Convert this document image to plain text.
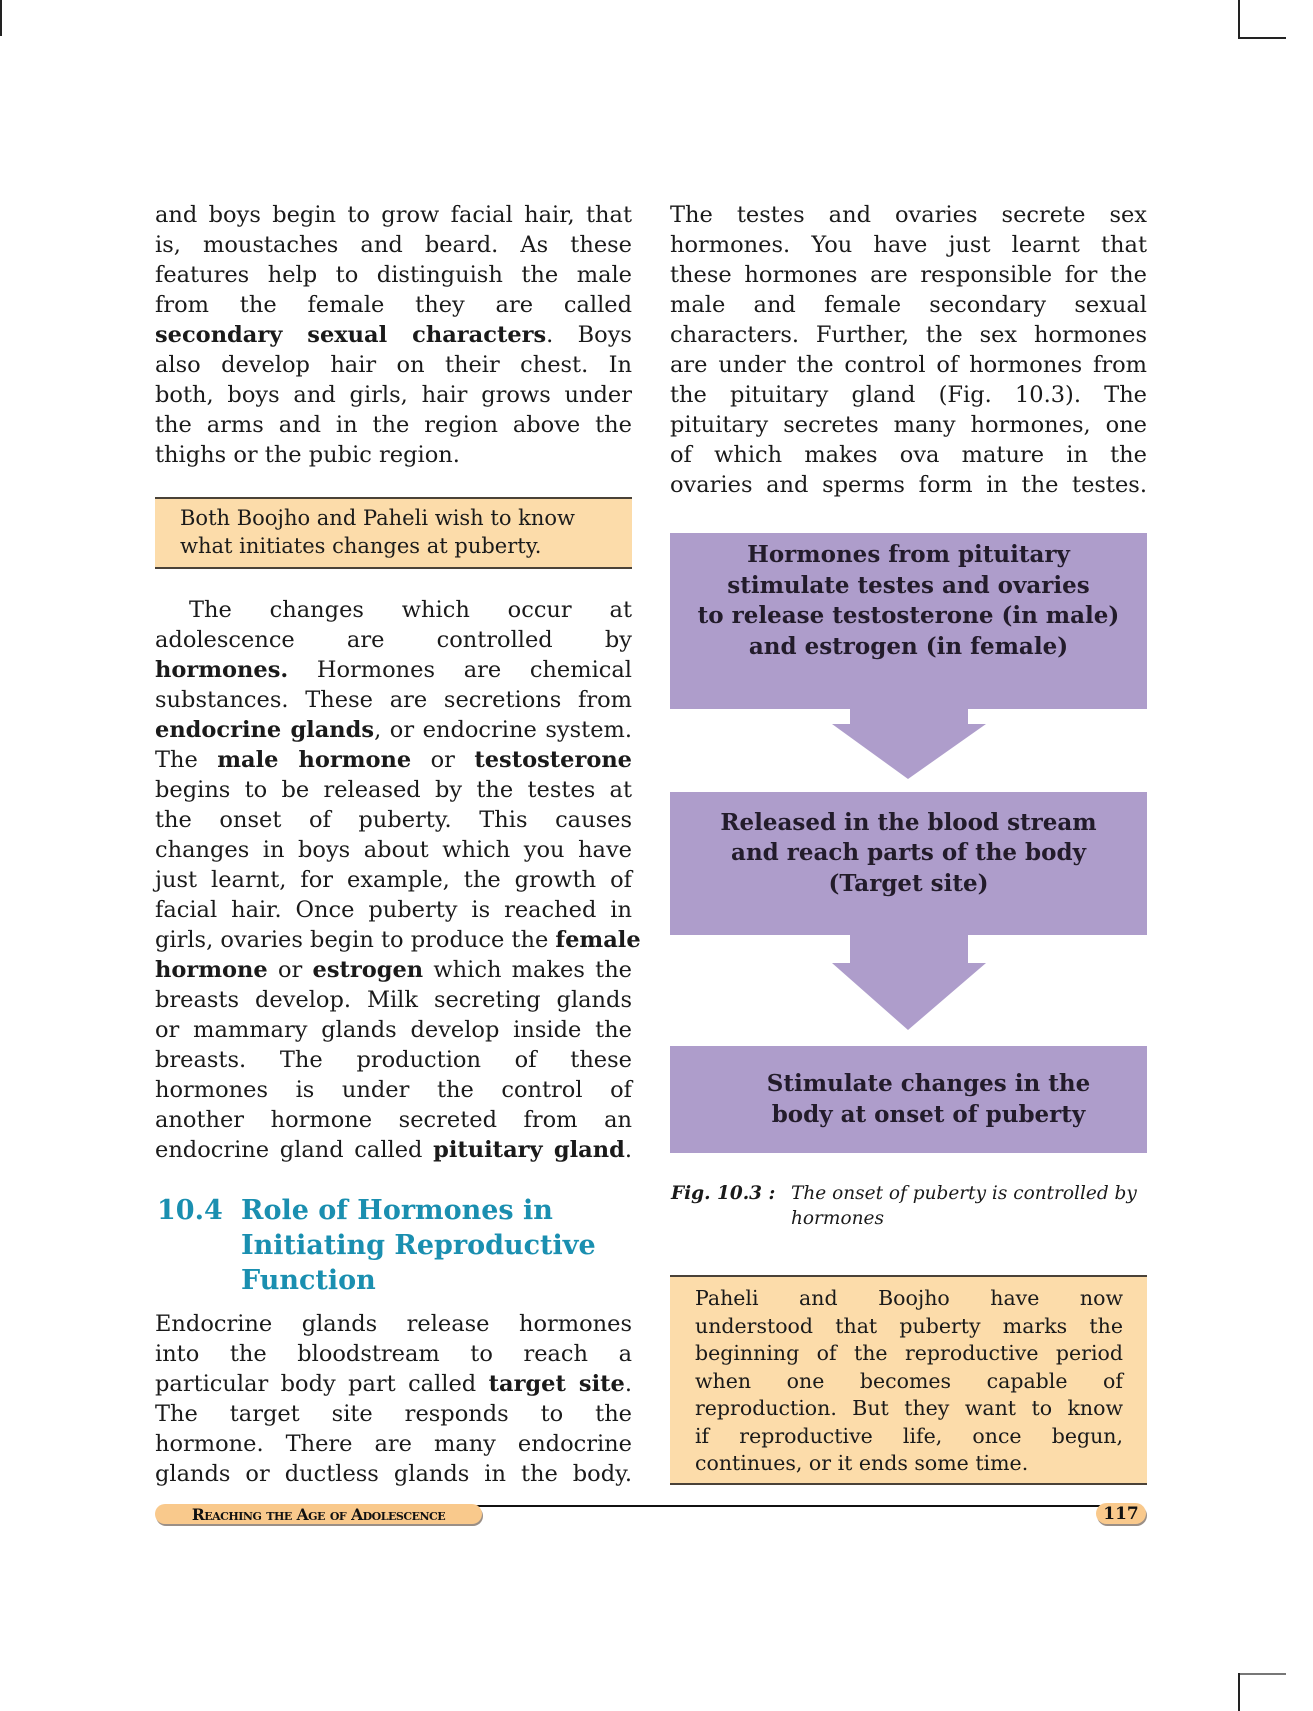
and boys begin to grow facial hair, that
is, moustaches and beard. As these
features help to distinguish the male
from the female they are called
secondary sexual characters. Boys
also develop hair on their chest. In
both, boys and girls, hair grows under
the arms and in the region above the
thighs or the pubic region.
Both Boojho and Paheli wish to know
what initiates changes at puberty.
The changes which occur at
adolescence are controlled by
hormones. Hormones are chemical
substances. These are secretions from
endocrine glands, or endocrine system.
The male hormone or testosterone
begins to be released by the testes at
the onset of puberty. This causes
changes in boys about which you have
just learnt, for example, the growth of
facial hair. Once puberty is reached in
girls, ovaries begin to produce the female
hormone or estrogen which makes the
breasts develop. Milk secreting glands
or mammary glands develop inside the
breasts. The production of these
hormones is under the control of
another hormone secreted from an
endocrine gland called pituitary gland.
10.4 Role of Hormones in
Initiating Reproductive
Function
Endocrine glands release hormones
into the bloodstream to reach a
particular body part called target site.
The target site responds to the
hormone. There are many endocrine
glands or ductless glands in the body.
The testes and ovaries secrete sex
hormones. You have just learnt that
these hormones are responsible for the
male and female secondary sexual
characters. Further, the sex hormones
are under the control of hormones from
the pituitary gland (Fig. 10.3). The
pituitary secretes many hormones, one
of which makes ova mature in the
ovaries and sperms form in the testes.
Hormones from pituitary
stimulate testes and ovaries
to release testosterone (in male)
and estrogen (in female)
Released in the blood stream
and reach parts of the body
(Target site)
Stimulate changes in the
body at onset of puberty
Fig. 10.3 : The onset of puberty is controlled by
hormones
Paheli and Boojho have now
understood that puberty marks the
beginning of the reproductive period
when one becomes capable of
reproduction. But they want to know
if reproductive life, once begun,
continues, or it ends some time.
Reaching the Age of Adolescence	117
